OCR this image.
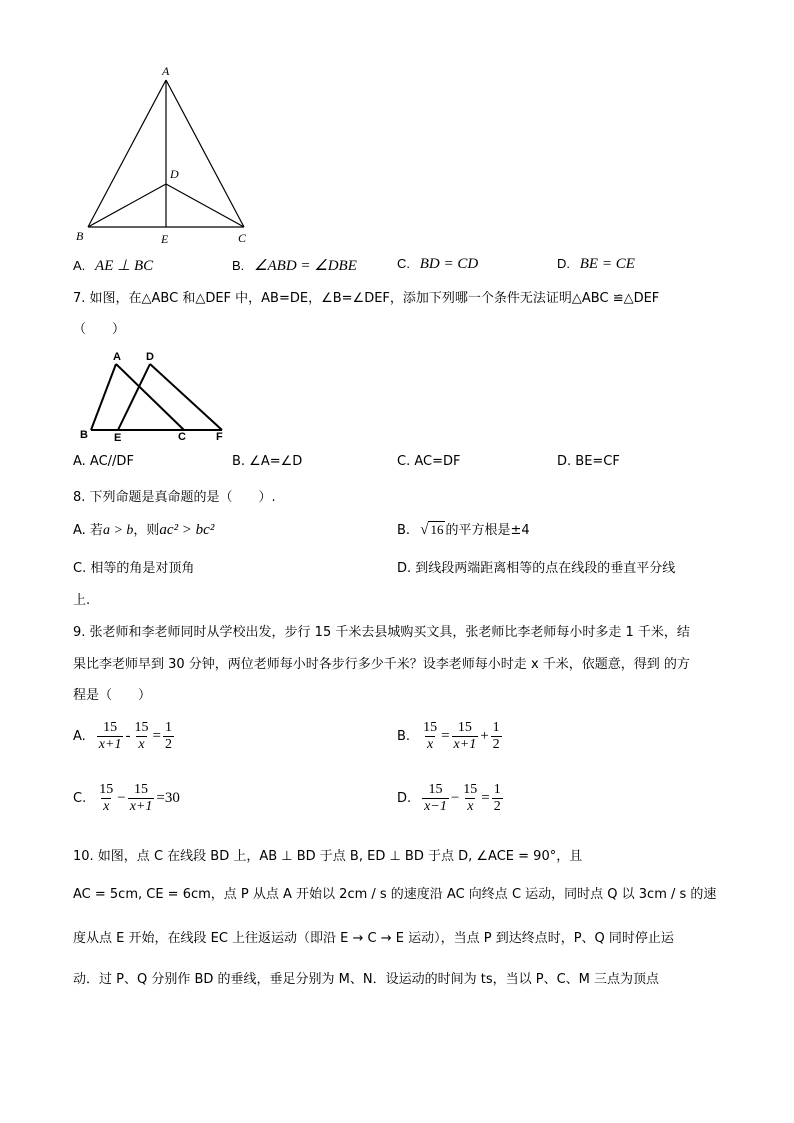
A
D
B	E	C
A. AE ⊥ BC	B. ∠ABD = ∠DBE	C. BD = CD	D. BE = CE
7. 如图，在△ABC 和△DEF 中，AB=DE，∠B=∠DEF，添加下列哪一个条件无法证明△ABC ≌△DEF
（　　）
A D
B E	C	F
A. AC//DF	B. ∠A=∠D	C. AC=DF	D. BE=CF
8. 下列命题是真命题的是（　　）.
A. 若a > b，则ac² > bc²	B. √ 16 的平方根是±4
C. 相等的角是对顶角	D. 到线段两端距离相等的点在线段的垂直平分线
上.
9. 张老师和李老师同时从学校出发，步行 15 千米去县城购买文具，张老师比李老师每小时多走 1 千米，结
果比李老师早到 30 分钟，两位老师每小时各步行多少千米？设李老师每小时走 x 千米，依题意，得到 的方
程是（　　）
A. $\frac{15}{x+1} - \frac{15}{x} = \frac{1}{2}$	B. $\frac{15}{x} = \frac{15}{x+1} + \frac{1}{2}$
C. $\frac{15}{x} - \frac{15}{x+1} =30$	D. $\frac{15}{x-1} - \frac{15}{x} = \frac{1}{2}$
10. 如图，点 C 在线段 BD 上，AB ⊥ BD 于点 B, ED ⊥ BD 于点 D, ∠ACE = 90°，且
AC = 5cm, CE = 6cm，点 P 从点 A 开始以 2cm / s 的速度沿 AC 向终点 C 运动，同时点 Q 以 3cm / s 的速
度从点 E 开始，在线段 EC 上往返运动（即沿 E → C → E 运动），当点 P 到达终点时，P、Q 同时停止运
动．过 P、Q 分别作 BD 的垂线，垂足分别为 M、N．设运动的时间为 ts，当以 P、C、M 三点为顶点
